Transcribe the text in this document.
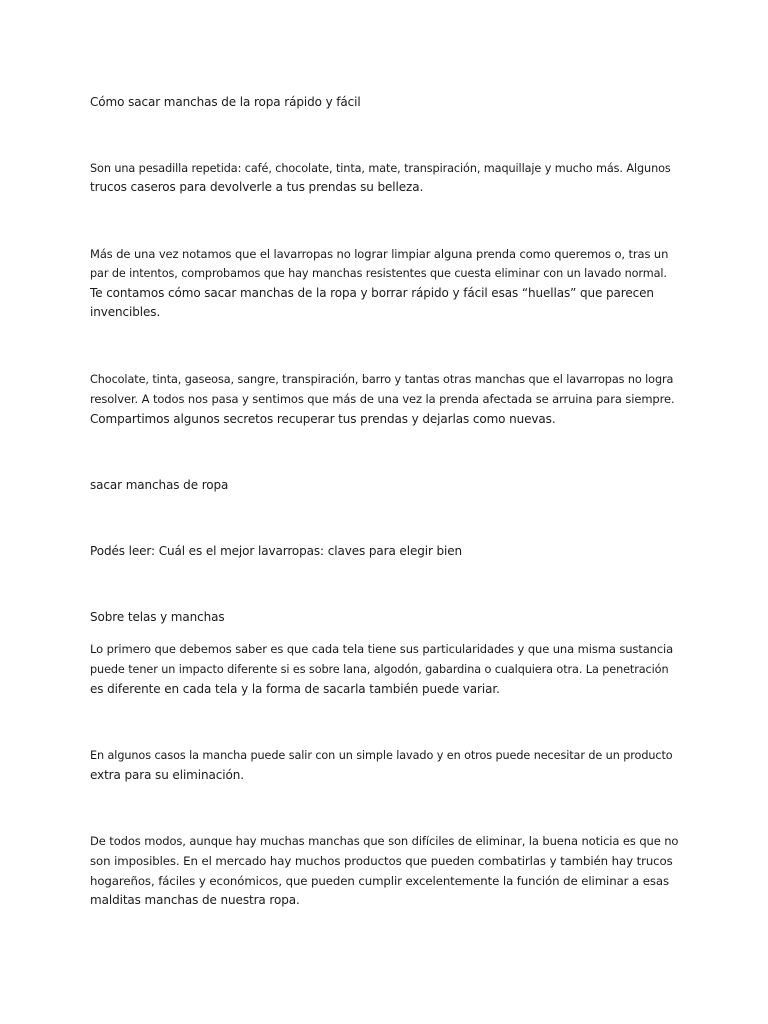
Cómo sacar manchas de la ropa rápido y fácil

Son una pesadilla repetida: café, chocolate, tinta, mate, transpiración, maquillaje y mucho más. Algunos

trucos caseros para devolverle a tus prendas su belleza.

Más de una vez notamos que el lavarropas no lograr limpiar alguna prenda como queremos o, tras un

par de intentos, comprobamos que hay manchas resistentes que cuesta eliminar con un lavado normal.

Te contamos cómo sacar manchas de la ropa y borrar rápido y fácil esas “huellas” que parecen

invencibles.

Chocolate, tinta, gaseosa, sangre, transpiración, barro y tantas otras manchas que el lavarropas no logra

resolver. A todos nos pasa y sentimos que más de una vez la prenda afectada se arruina para siempre.

Compartimos algunos secretos recuperar tus prendas y dejarlas como nuevas.

sacar manchas de ropa

Podés leer: Cuál es el mejor lavarropas: claves para elegir bien

Sobre telas y manchas

Lo primero que debemos saber es que cada tela tiene sus particularidades y que una misma sustancia

puede tener un impacto diferente si es sobre lana, algodón, gabardina o cualquiera otra. La penetración

es diferente en cada tela y la forma de sacarla también puede variar.

En algunos casos la mancha puede salir con un simple lavado y en otros puede necesitar de un producto

extra para su eliminación.

De todos modos, aunque hay muchas manchas que son difíciles de eliminar, la buena noticia es que no

son imposibles. En el mercado hay muchos productos que pueden combatirlas y también hay trucos

hogareños, fáciles y económicos, que pueden cumplir excelentemente la función de eliminar a esas

malditas manchas de nuestra ropa.
